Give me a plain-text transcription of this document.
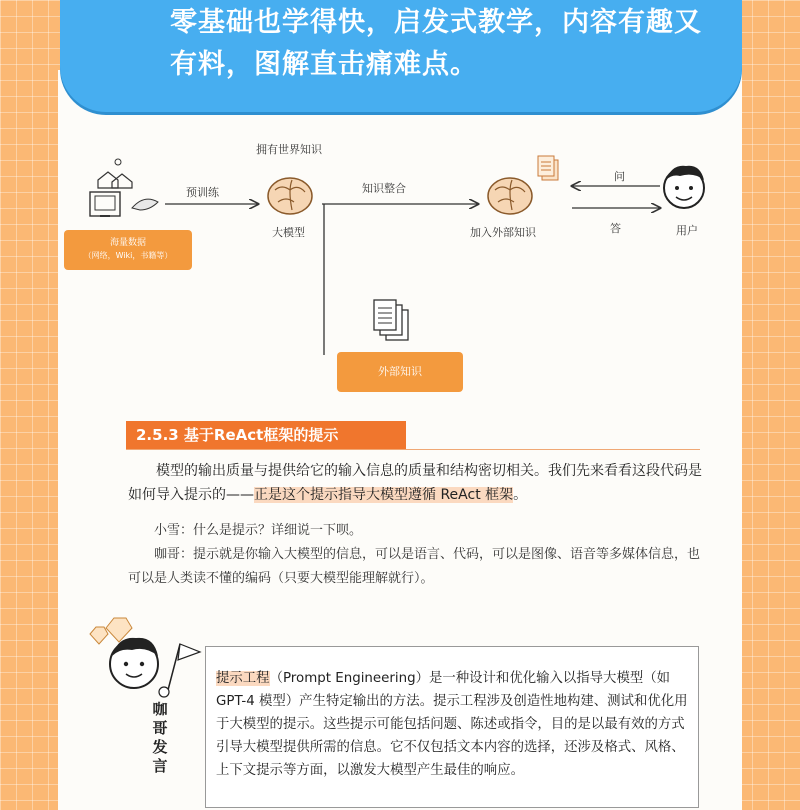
零基础也学得快，启发式教学，内容有趣又
有料，图解直击痛难点。
拥有世界知识
预训练	知识整合
大模型	加入外部知识
问
答	用户
海量数据
（网络，Wiki，书籍等）
外部知识
2.5.3 基于ReAct框架的提示
模型的输出质量与提供给它的输入信息的质量和结构密切相关。我们先来看看这段代码是如何导入提示的——正是这个提示指导大模型遵循 ReAct 框架。
小雪：什么是提示？详细说一下呗。
咖哥：提示就是你输入大模型的信息，可以是语言、代码，可以是图像、语音等多媒体信息，也可以是人类读不懂的编码（只要大模型能理解就行）。
咖哥发言
提示工程（Prompt Engineering）是一种设计和优化输入以指导大模型（如 GPT-4 模型）产生特定输出的方法。提示工程涉及创造性地构建、测试和优化用于大模型的提示。这些提示可能包括问题、陈述或指令，目的是以最有效的方式引导大模型提供所需的信息。它不仅包括文本内容的选择，还涉及格式、风格、上下文提示等方面，以激发大模型产生最佳的响应。
